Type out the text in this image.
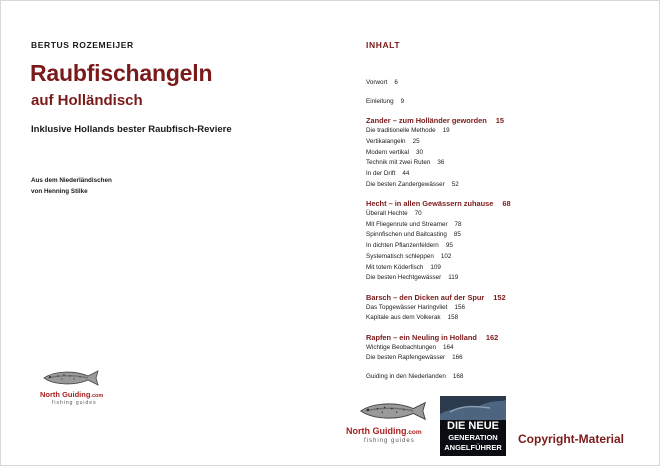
BERTUS ROZEMEIJER
Raubfischangeln
auf Holländisch
Inklusive Hollands bester Raubfisch-Reviere
Aus dem Niederländischen
von Henning Stilke
North Guiding.com
fishing guides
INHALT
Vorwort 6
Einleitung 9
Zander – zum Holländer geworden 15
Die traditionelle Methode 19
Vertikalangeln 25
Modern vertikal 30
Technik mit zwei Ruten 36
In der Drift 44
Die besten Zandergewässer 52
Hecht – in allen Gewässern zuhause 68
Überall Hechte 70
Mit Fliegenrute und Streamer 78
Spinnfischen und Baitcasting 85
In dichten Pflanzenfeldern 95
Systematisch schleppen 102
Mit totem Köderfisch 109
Die besten Hechtgewässer 119
Barsch – den Dicken auf der Spur 152
Das Topgewässer Haringvliet 156
Kapitale aus dem Volkerak 158
Rapfen – ein Neuling in Holland 162
Wichtige Beobachtungen 164
Die besten Rapfengewässer 166
Guiding in den Niederlanden 168
North Guiding.com
fishing guides
DIE NEUE
GENERATION
ANGELFÜHRER
Copyright-Material
